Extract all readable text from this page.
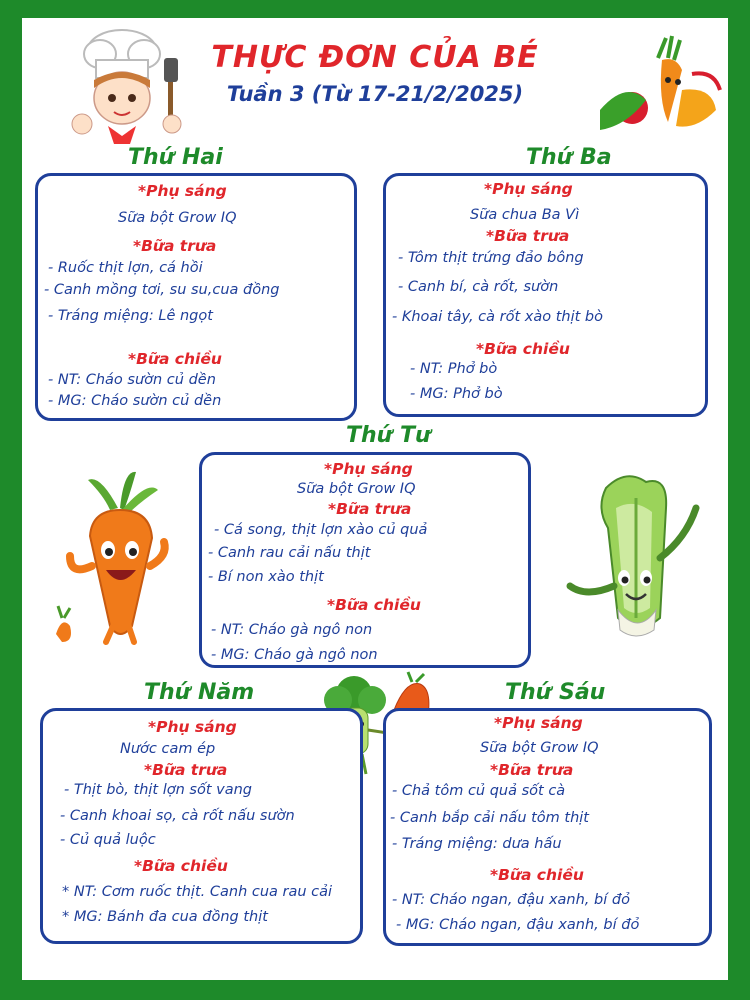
THỰC ĐƠN CỦA BÉ
Tuần 3 (Từ 17-21/2/2025)
Thứ Hai	Thứ Ba
Thứ Tư
Thứ Năm	Thứ Sáu
*Phụ sáng
Sữa bột Grow IQ
*Bữa trưa
- Ruốc thịt lợn, cá hồi
- Canh mồng tơi, su su,cua đồng
- Tráng miệng: Lê ngọt
*Bữa chiều
- NT: Cháo sườn củ dền
- MG: Cháo sườn củ dền
*Phụ sáng
Sữa chua Ba Vì
*Bữa trưa
- Tôm thịt trứng đảo bông
- Canh bí, cà rốt, sườn
- Khoai tây, cà rốt xào thịt bò
*Bữa chiều
- NT: Phở bò
- MG: Phở bò
*Phụ sáng
Sữa bột Grow IQ
*Bữa trưa
- Cá song, thịt lợn xào củ quả
- Canh rau cải nấu thịt
- Bí non xào thịt
*Bữa chiều
- NT: Cháo gà ngô non
- MG: Cháo gà ngô non
*Phụ sáng
Nước cam ép
*Bữa trưa
- Thịt bò, thịt lợn sốt vang
- Canh khoai sọ, cà rốt nấu sườn
- Củ quả luộc
*Bữa chiều
* NT: Cơm ruốc thịt. Canh cua rau cải
* MG: Bánh đa cua đồng thịt
*Phụ sáng
Sữa bột Grow IQ
*Bữa trưa
- Chả tôm củ quả sốt cà
- Canh bắp cải nấu tôm thịt
- Tráng miệng: dưa hấu
*Bữa chiều
- NT: Cháo ngan, đậu xanh, bí đỏ
- MG: Cháo ngan, đậu xanh, bí đỏ
